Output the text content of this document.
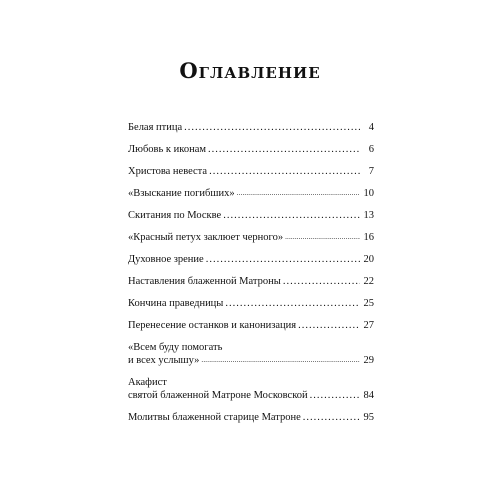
Оглавление
Белая птица .....	4
Любовь к иконам .....	6
Христова невеста .....	7
«Взыскание погибших» .....	10
Скитания по Москве .....	13
«Красный петух заклюет черного» .....	16
Духовное зрение .....	20
Наставления блаженной Матроны .....	22
Кончина праведницы .....	25
Перенесение останков и канонизация .....	27
«Всем буду помогать
и всех услышу» .....	29
Акафист
святой блаженной Матроне Московской .....	84
Молитвы блаженной старице Матроне .....	95
